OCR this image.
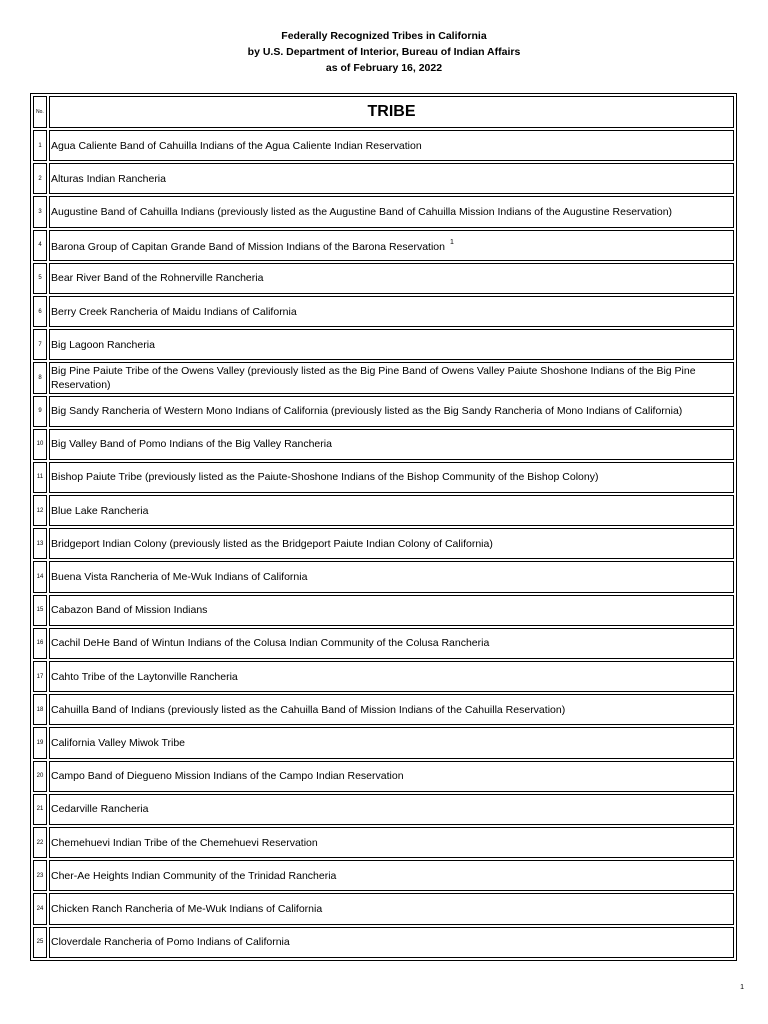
Federally Recognized Tribes in California
by U.S. Department of Interior, Bureau of Indian Affairs
as of February 16, 2022
No.	TRIBE
1	Agua Caliente Band of Cahuilla Indians of the Agua Caliente Indian Reservation
2	Alturas Indian Rancheria
3	Augustine Band of Cahuilla Indians (previously listed as the Augustine Band of Cahuilla Mission Indians of the Augustine Reservation)
4	Barona Group of Capitan Grande Band of Mission Indians of the Barona Reservation $^1$
5	Bear River Band of the Rohnerville Rancheria
6	Berry Creek Rancheria of Maidu Indians of California
7	Big Lagoon Rancheria
8	Big Pine Paiute Tribe of the Owens Valley (previously listed as the Big Pine Band of Owens Valley Paiute Shoshone Indians of the Big Pine Reservation)
9	Big Sandy Rancheria of Western Mono Indians of California (previously listed as the Big Sandy Rancheria of Mono Indians of California)
10	Big Valley Band of Pomo Indians of the Big Valley Rancheria
11	Bishop Paiute Tribe (previously listed as the Paiute-Shoshone Indians of the Bishop Community of the Bishop Colony)
12	Blue Lake Rancheria
13	Bridgeport Indian Colony (previously listed as the Bridgeport Paiute Indian Colony of California)
14	Buena Vista Rancheria of Me-Wuk Indians of California
15	Cabazon Band of Mission Indians
16	Cachil DeHe Band of Wintun Indians of the Colusa Indian Community of the Colusa Rancheria
17	Cahto Tribe of the Laytonville Rancheria
18	Cahuilla Band of Indians (previously listed as the Cahuilla Band of Mission Indians of the Cahuilla Reservation)
19	California Valley Miwok Tribe
20	Campo Band of Diegueno Mission Indians of the Campo Indian Reservation
21	Cedarville Rancheria
22	Chemehuevi Indian Tribe of the Chemehuevi Reservation
23	Cher-Ae Heights Indian Community of the Trinidad Rancheria
24	Chicken Ranch Rancheria of Me-Wuk Indians of California
25	Cloverdale Rancheria of Pomo Indians of California
1
